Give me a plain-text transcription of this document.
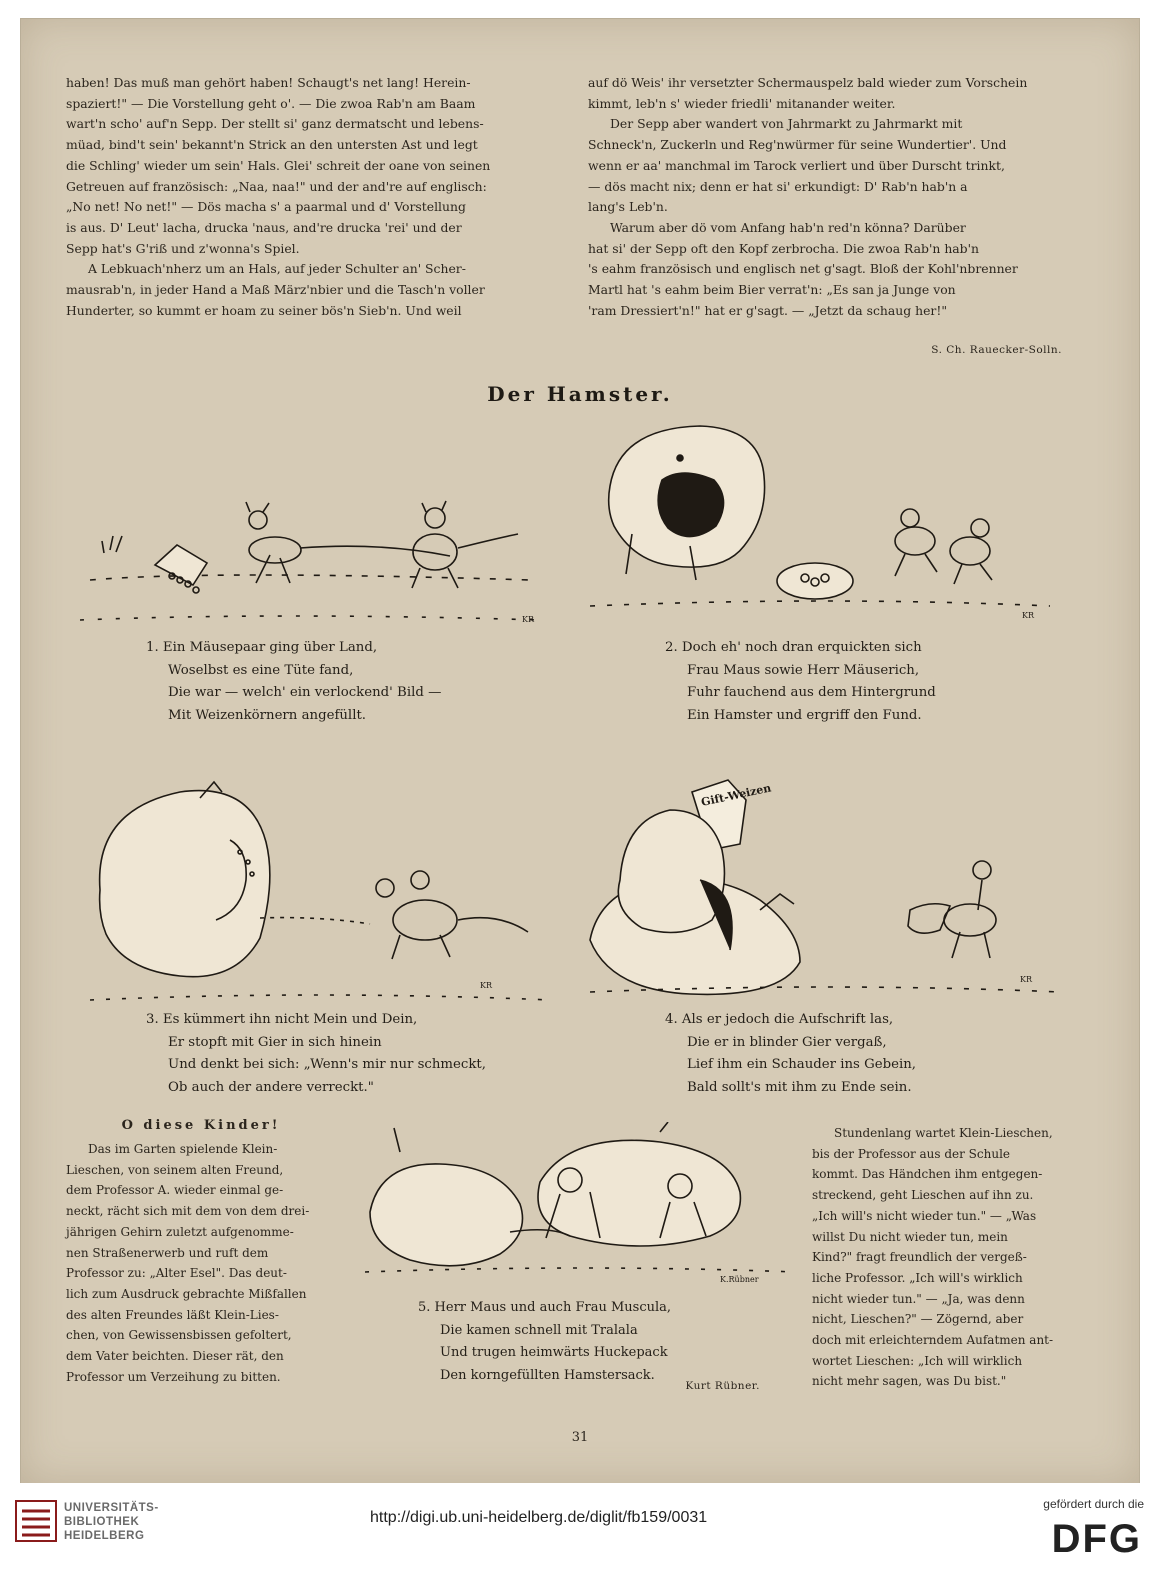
haben! Das muß man gehört haben! Schaugt's net lang! Herein-
spaziert!" — Die Vorstellung geht o'. — Die zwoa Rab'n am Baam
wart'n scho' auf'n Sepp. Der stellt si' ganz dermatscht und lebens-
müad, bind't sein' bekannt'n Strick an den untersten Ast und legt
die Schling' wieder um sein' Hals. Glei' schreit der oane von seinen
Getreuen auf französisch: „Naa, naa!" und der and're auf englisch:
„No net! No net!" — Dös macha s' a paarmal und d' Vorstellung
is aus. D' Leut' lacha, drucka 'naus, and're drucka 'rei' und der
Sepp hat's G'riß und z'wonna's Spiel.
A Lebkuach'nherz um an Hals, auf jeder Schulter an' Scher-
mausrab'n, in jeder Hand a Maß März'nbier und die Tasch'n voller
Hunderter, so kummt er hoam zu seiner bös'n Sieb'n. Und weil
auf dö Weis' ihr versetzter Schermauspelz bald wieder zum Vorschein
kimmt, leb'n s' wieder friedli' mitanander weiter.
Der Sepp aber wandert von Jahrmarkt zu Jahrmarkt mit
Schneck'n, Zuckerln und Reg'nwürmer für seine Wundertier'. Und
wenn er aa' manchmal im Tarock verliert und über Durscht trinkt,
— dös macht nix; denn er hat si' erkundigt: D' Rab'n hab'n a
lang's Leb'n.
Warum aber dö vom Anfang hab'n red'n könna? Darüber
hat si' der Sepp oft den Kopf zerbrocha. Die zwoa Rab'n hab'n
's eahm französisch und englisch net g'sagt. Bloß der Kohl'nbrenner
Martl hat 's eahm beim Bier verrat'n: „Es san ja Junge von
'ram Dressiert'n!" hat er g'sagt. — „Jetzt da schaug her!"
S. Ch. Rauecker-Solln.
Der Hamster.
KR	KR
1. Ein Mäusepaar ging über Land,
Woselbst es eine Tüte fand,
Die war — welch' ein verlockend' Bild —
Mit Weizenkörnern angefüllt.
2. Doch eh' noch dran erquickten sich
Frau Maus sowie Herr Mäuserich,
Fuhr fauchend aus dem Hintergrund
Ein Hamster und ergriff den Fund.
KR
Gift-Weizen
KR
3. Es kümmert ihn nicht Mein und Dein,
Er stopft mit Gier in sich hinein
Und denkt bei sich: „Wenn's mir nur schmeckt,
Ob auch der andere verreckt."
4. Als er jedoch die Aufschrift las,
Die er in blinder Gier vergaß,
Lief ihm ein Schauder ins Gebein,
Bald sollt's mit ihm zu Ende sein.
O diese Kinder!
Das im Garten spielende Klein-
Lieschen, von seinem alten Freund,
dem Professor A. wieder einmal ge-
neckt, rächt sich mit dem von dem drei-
jährigen Gehirn zuletzt aufgenomme-
nen Straßenerwerb und ruft dem
Professor zu: „Alter Esel". Das deut-
lich zum Ausdruck gebrachte Mißfallen
des alten Freundes läßt Klein-Lies-
chen, von Gewissensbissen gefoltert,
dem Vater beichten. Dieser rät, den
Professor um Verzeihung zu bitten.
Stundenlang wartet Klein-Lieschen,
bis der Professor aus der Schule
kommt. Das Händchen ihm entgegen-
streckend, geht Lieschen auf ihn zu.
„Ich will's nicht wieder tun." — „Was
willst Du nicht wieder tun, mein
Kind?" fragt freundlich der vergeß-
liche Professor. „Ich will's wirklich
nicht wieder tun." — „Ja, was denn
nicht, Lieschen?" — Zögernd, aber
doch mit erleichterndem Aufatmen ant-
wortet Lieschen: „Ich will wirklich
nicht mehr sagen, was Du bist."
K.Rübner
5. Herr Maus und auch Frau Muscula,
Die kamen schnell mit Tralala
Und trugen heimwärts Huckepack
Den korngefüllten Hamstersack.
Kurt Rübner.
31
UNIVERSITÄTS-
BIBLIOTHEK
HEIDELBERG
http://digi.ub.uni-heidelberg.de/diglit/fb159/0031
gefördert durch die
DFG
